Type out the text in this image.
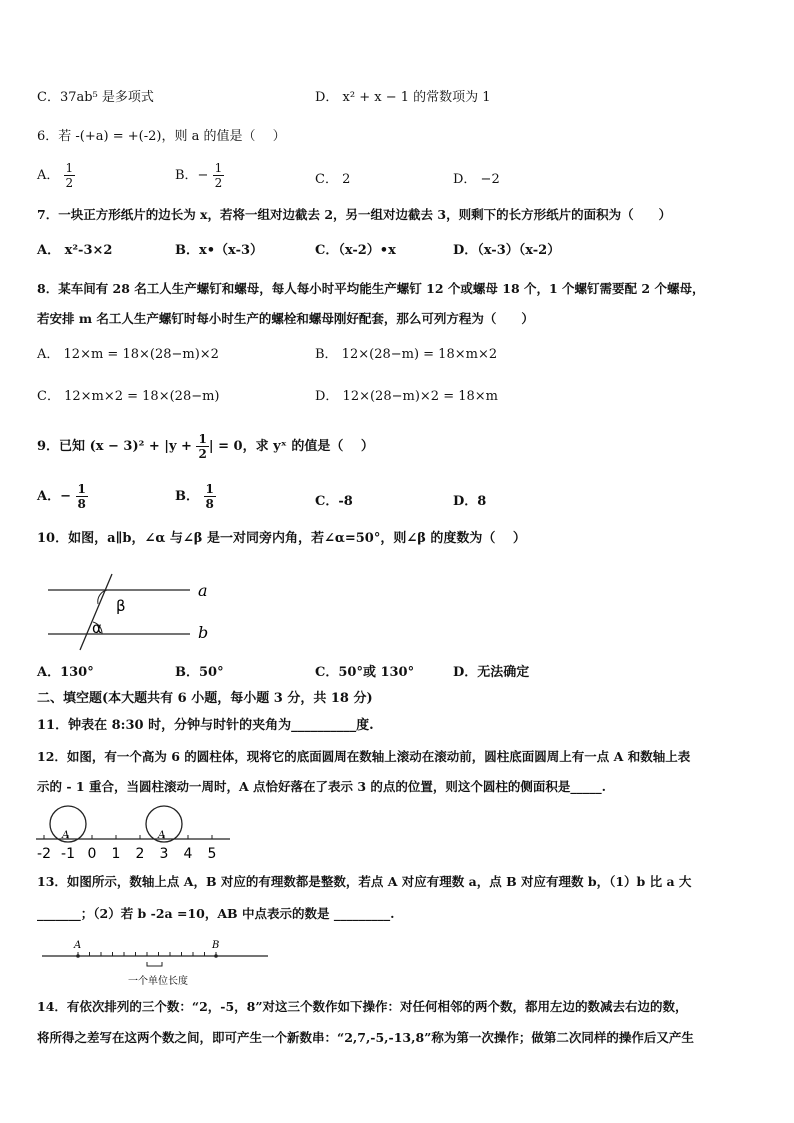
C．37ab⁵ 是多项式	D． x² + x − 1 的常数项为 1
6．若 -(+a) = +(-2)，则 a 的值是（　 ）
A． $\frac{1}{2}$	B．− $\frac{1}{2}$	C． 2	D． −2
7．一块正方形纸片的边长为 x，若将一组对边截去 2，另一组对边截去 3，则剩下的长方形纸片的面积为（　　）
A． x²-3×2	B．x•（x-3）	C．（x-2）•x	D．（x-3）（x-2）
8．某车间有 28 名工人生产螺钉和螺母，每人每小时平均能生产螺钉 12 个或螺母 18 个，1 个螺钉需要配 2 个螺母，
若安排 m 名工人生产螺钉时每小时生产的螺栓和螺母刚好配套，那么可列方程为（　　）
A． 12×m = 18×(28−m)×2	B． 12×(28−m) = 18×m×2
C． 12×m×2 = 18×(28−m)	D． 12×(28−m)×2 = 18×m
9．已知 $(x - 3)^2 + |y + \frac{1}{2}$ | = 0，求 yˣ 的值是（　 ）
A．− $\frac{1}{8}$	B． $\frac{1}{8}$	C．-8	D．8
10．如图，a∥b，∠α 与∠β 是一对同旁内角，若∠α=50°，则∠β 的度数为（　 ）
β
α
a
b
A．130°	B．50°	C．50°或 130°	D．无法确定
二、填空题(本大题共有 6 小题，每小题 3 分，共 18 分)
11．钟表在 8:30 时，分钟与时针的夹角为__________度.
12．如图，有一个高为 6 的圆柱体，现将它的底面圆周在数轴上滚动在滚动前，圆柱底面圆周上有一点 A 和数轴上表
示的 - 1 重合，当圆柱滚动一周时，A 点恰好落在了表示 3 的点的位置，则这个圆柱的侧面积是_____.
-2 -1 0 1 2 3 4 5
A	A
13．如图所示，数轴上点 A，B 对应的有理数都是整数，若点 A 对应有理数 a，点 B 对应有理数 b，（1）b 比 a 大
_______；（2）若 b -2a =10，AB 中点表示的数是 _________.
A	B
一个单位长度
14．有依次排列的三个数：“2，-5，8”对这三个数作如下操作：对任何相邻的两个数，都用左边的数减去右边的数，
将所得之差写在这两个数之间，即可产生一个新数串：“2,7,-5,-13,8”称为第一次操作；做第二次同样的操作后又产生
